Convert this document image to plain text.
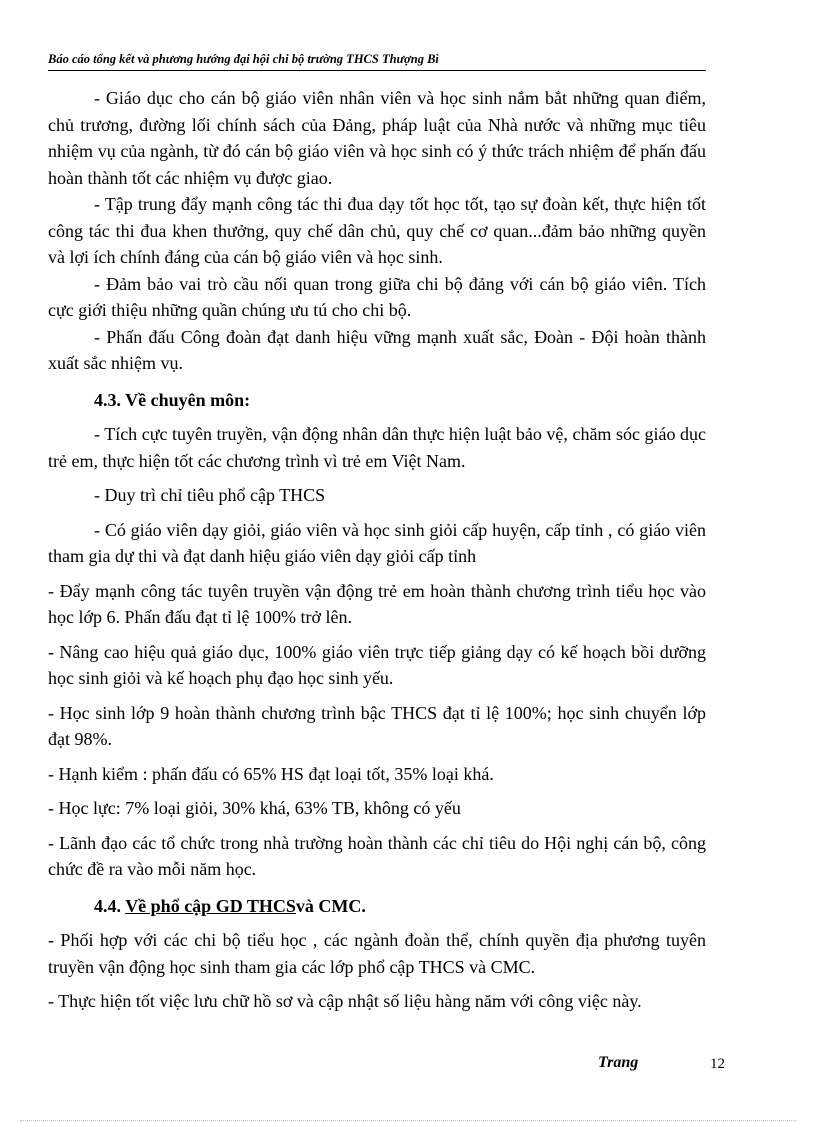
Báo cáo tổng kết và phương hướng đại hội chi bộ trường THCS Thượng Bì

- Giáo dục cho cán bộ giáo viên nhân viên và học sinh nắm bắt những quan điểm, chủ trương, đường lối chính sách của Đảng, pháp luật của Nhà nước và những mục tiêu nhiệm vụ của ngành, từ đó cán bộ giáo viên và học sinh có ý thức trách nhiệm để phấn đấu hoàn thành tốt các nhiệm vụ được giao.

- Tập trung đẩy mạnh công tác thi đua dạy tốt học tốt, tạo sự đoàn kết, thực hiện tốt công tác thi đua khen thưởng, quy chế dân chủ, quy chế cơ quan...đảm bảo những quyền và lợi ích chính đáng của cán bộ giáo viên và học sinh.

- Đảm bảo vai trò cầu nối quan trong giữa chi bộ đảng với cán bộ giáo viên. Tích cực giới thiệu những quần chúng ưu tú cho chi bộ.

- Phấn đấu Công đoàn đạt danh hiệu vững mạnh xuất sắc, Đoàn - Đội hoàn thành xuất sắc nhiệm vụ.

4.3. Về chuyên môn:

- Tích cực tuyên truyền, vận động nhân dân thực hiện luật bảo vệ, chăm sóc giáo dục trẻ em, thực hiện tốt các chương trình vì trẻ em Việt Nam.

- Duy trì chỉ tiêu phổ cập THCS

- Có giáo viên dạy giỏi, giáo viên và học sinh giỏi cấp huyện, cấp tỉnh , có giáo viên tham gia dự thi và đạt danh hiệu giáo viên dạy giỏi cấp tỉnh

- Đẩy mạnh công tác tuyên truyền vận động trẻ em hoàn thành chương trình tiểu học vào học lớp 6. Phấn đấu đạt tỉ lệ 100% trở lên.

- Nâng cao hiệu quả giáo dục, 100% giáo viên trực tiếp giảng dạy có kế hoạch bồi dưỡng học sinh giỏi và kế hoạch phụ đạo học sinh yếu.

- Học sinh lớp 9 hoàn thành chương trình bậc THCS đạt tỉ lệ 100%; học sinh chuyển lớp đạt 98%.

- Hạnh kiểm : phấn đấu có 65% HS đạt loại tốt, 35% loại khá.

- Học lực: 7% loại giỏi, 30% khá, 63% TB, không có yếu

- Lãnh đạo các tổ chức trong nhà trường hoàn thành các chỉ tiêu do Hội nghị cán bộ, công chức đề ra vào mỗi năm học.

4.4. Về phổ cập GD THCSvà CMC.

- Phối hợp với các chi bộ tiểu học , các ngành đoàn thể, chính quyền địa phương tuyên truyền vận động học sinh tham gia các lớp phổ cập THCS và CMC.

- Thực hiện tốt việc lưu chữ hồ sơ và cập nhật số liệu hàng năm với công việc này.

Trang	12
